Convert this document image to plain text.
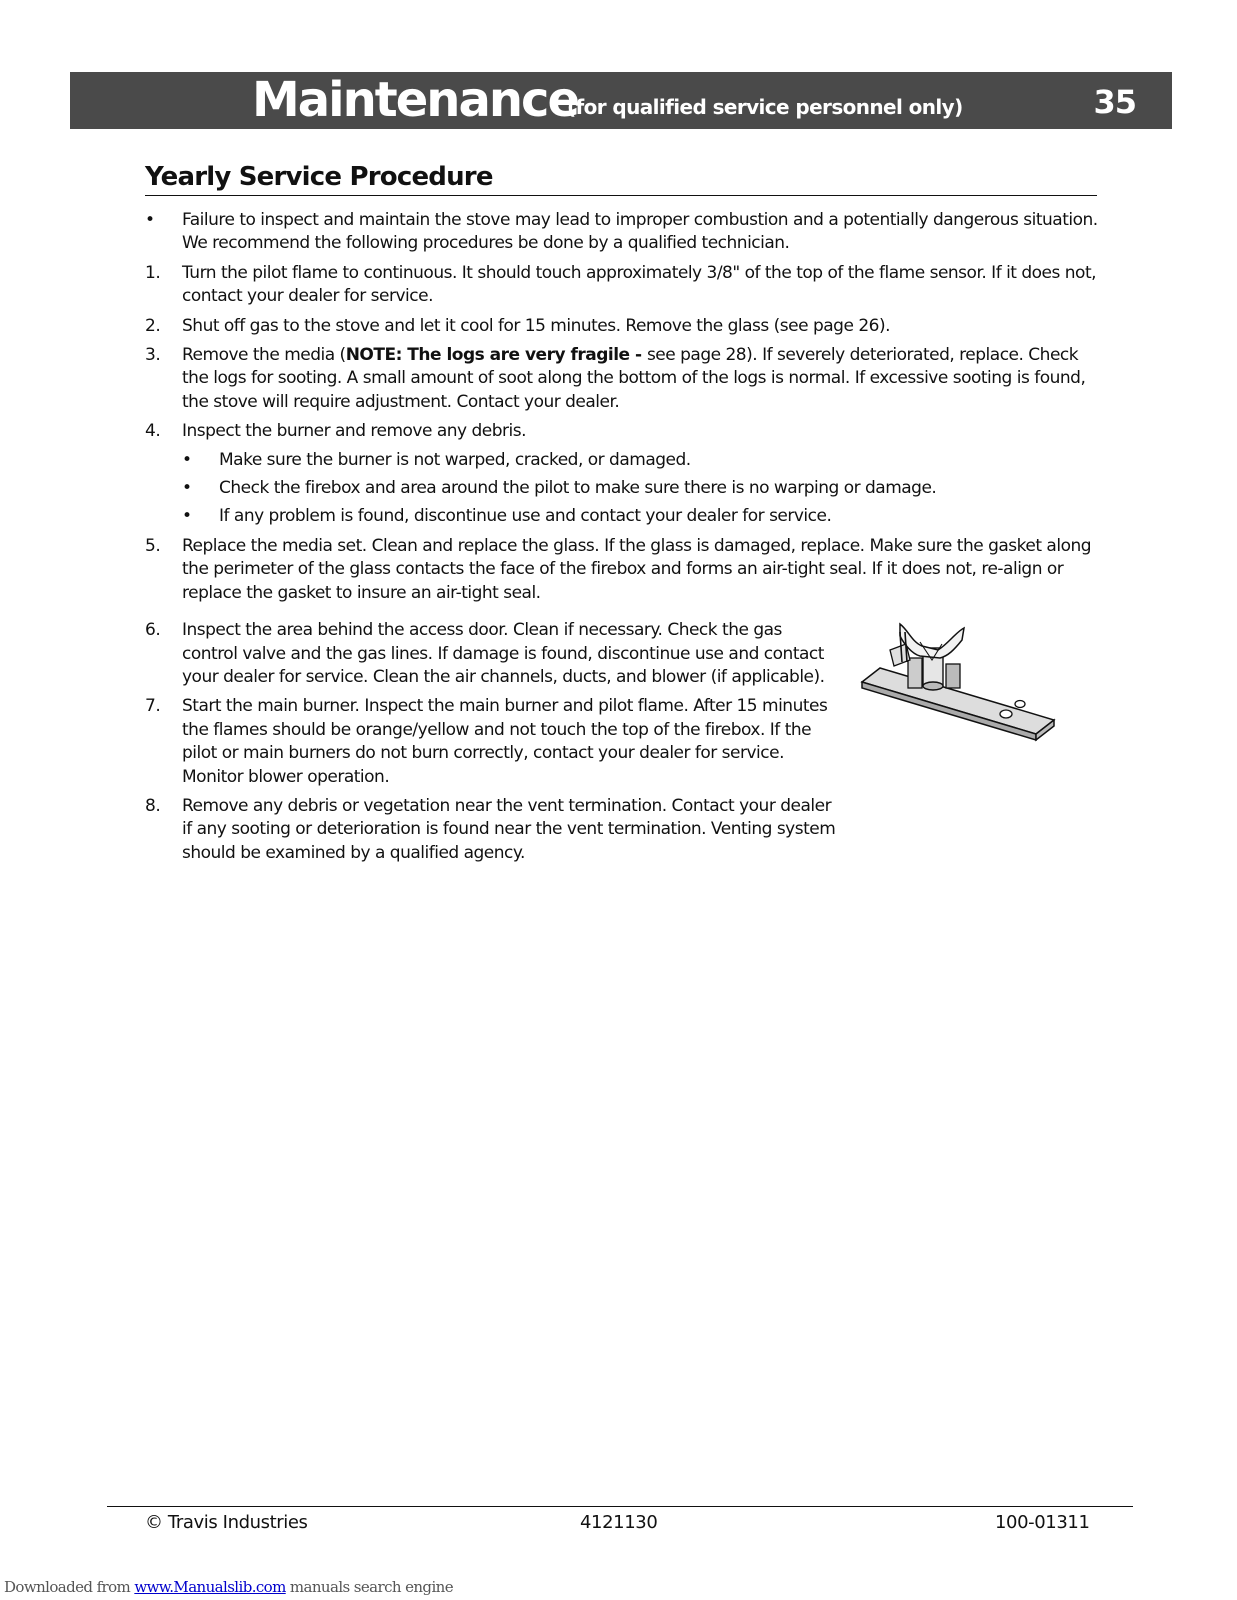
Maintenance
(for qualified service personnel only)	35
Yearly Service Procedure
•	Failure to inspect and maintain the stove may lead to improper combustion and a potentially dangerous situation. We recommend the following procedures be done by a qualified technician.
1.	Turn the pilot flame to continuous. It should touch approximately 3/8" of the top of the flame sensor. If it does not, contact your dealer for service.
2.	Shut off gas to the stove and let it cool for 15 minutes. Remove the glass (see page 26).
3.	Remove the media (NOTE: The logs are very fragile - see page 28). If severely deteriorated, replace. Check the logs for sooting. A small amount of soot along the bottom of the logs is normal. If excessive sooting is found, the stove will require adjustment. Contact your dealer.
4.	Inspect the burner and remove any debris.
•	Make sure the burner is not warped, cracked, or damaged.
•	Check the firebox and area around the pilot to make sure there is no warping or damage.
•	If any problem is found, discontinue use and contact your dealer for service.
5.	Replace the media set. Clean and replace the glass. If the glass is damaged, replace. Make sure the gasket along the perimeter of the glass contacts the face of the firebox and forms an air-tight seal. If it does not, re-align or replace the gasket to insure an air-tight seal.
6.	Inspect the area behind the access door. Clean if necessary. Check the gas control valve and the gas lines. If damage is found, discontinue use and contact your dealer for service. Clean the air channels, ducts, and blower (if applicable).
7.	Start the main burner. Inspect the main burner and pilot flame. After 15 minutes the flames should be orange/yellow and not touch the top of the firebox. If the pilot or main burners do not burn correctly, contact your dealer for service. Monitor blower operation.
8.	Remove any debris or vegetation near the vent termination. Contact your dealer if any sooting or deterioration is found near the vent termination. Venting system should be examined by a qualified agency.
© Travis Industries	4121130	100-01311
Downloaded from www.Manualslib.com manuals search engine
